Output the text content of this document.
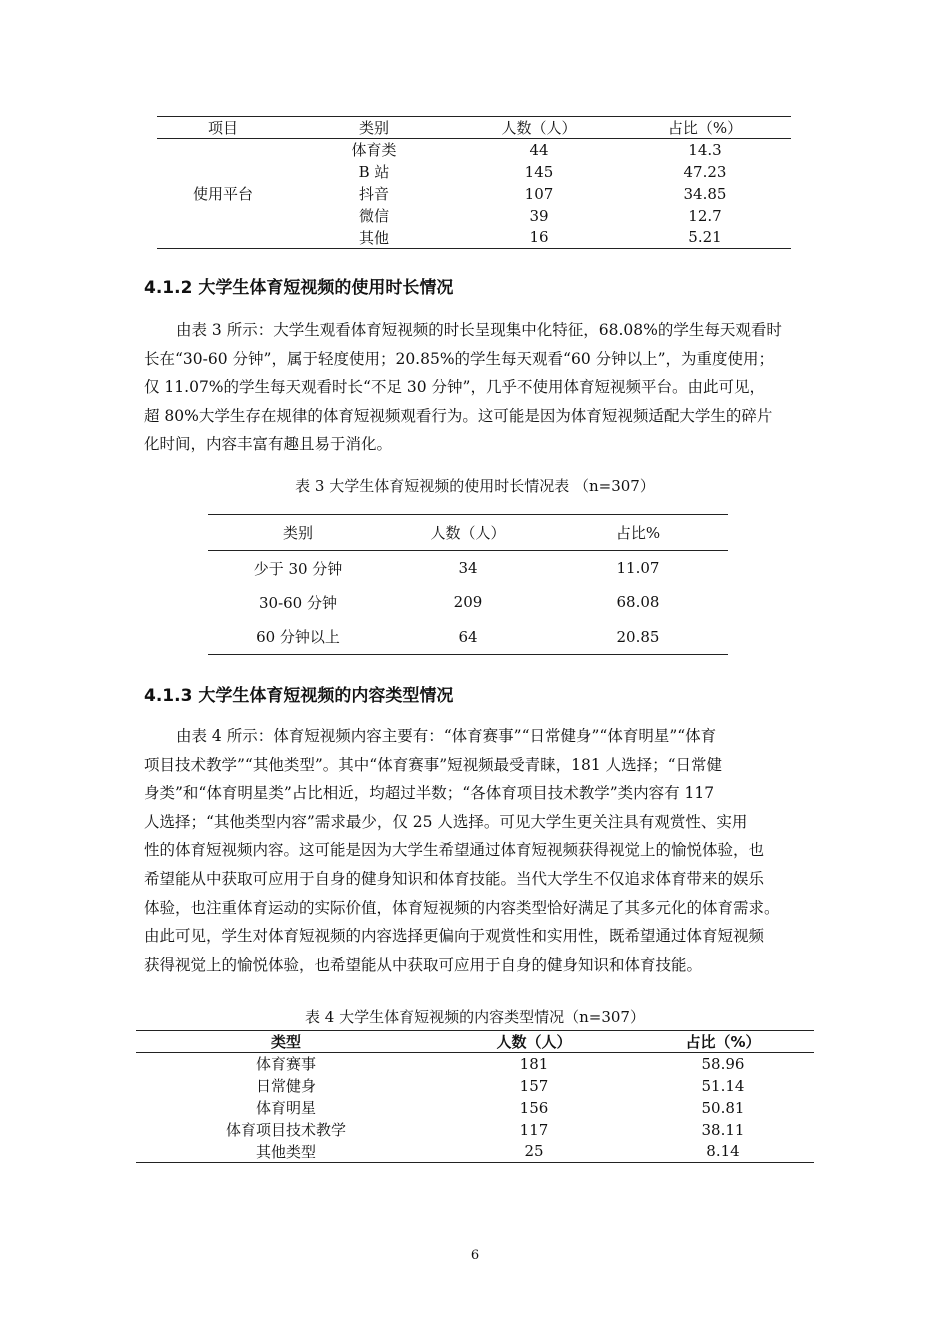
项目	类别	人数（人）	占比（%）
使用平台	体育类	44	14.3
	B 站	145	47.23
	抖音	107	34.85
	微信	39	12.7
	其他	16	5.21
4.1.2 大学生体育短视频的使用时长情况
由表 3 所示：大学生观看体育短视频的时长呈现集中化特征，68.08%的学生每天观看时
长在“30-60 分钟”，属于轻度使用；20.85%的学生每天观看“60 分钟以上”，为重度使用；
仅 11.07%的学生每天观看时长“不足 30 分钟”，几乎不使用体育短视频平台。由此可见，
超 80%大学生存在规律的体育短视频观看行为。这可能是因为体育短视频适配大学生的碎片
化时间，内容丰富有趣且易于消化。
表 3 大学生体育短视频的使用时长情况表 （n=307）
类别	人数（人）	占比%
少于 30 分钟	34	11.07
30-60 分钟	209	68.08
60 分钟以上	64	20.85
4.1.3 大学生体育短视频的内容类型情况
由表 4 所示：体育短视频内容主要有：“体育赛事”“日常健身”“体育明星”“体育
项目技术教学”“其他类型”。其中“体育赛事”短视频最受青睐，181 人选择；“日常健
身类”和“体育明星类”占比相近，均超过半数；“各体育项目技术教学”类内容有 117
人选择；“其他类型内容”需求最少，仅 25 人选择。可见大学生更关注具有观赏性、实用
性的体育短视频内容。这可能是因为大学生希望通过体育短视频获得视觉上的愉悦体验，也
希望能从中获取可应用于自身的健身知识和体育技能。当代大学生不仅追求体育带来的娱乐
体验，也注重体育运动的实际价值，体育短视频的内容类型恰好满足了其多元化的体育需求。
由此可见，学生对体育短视频的内容选择更偏向于观赏性和实用性，既希望通过体育短视频
获得视觉上的愉悦体验，也希望能从中获取可应用于自身的健身知识和体育技能。
表 4 大学生体育短视频的内容类型情况（n=307）
类型	人数（人）	占比（%）
体育赛事	181	58.96
日常健身	157	51.14
体育明星	156	50.81
体育项目技术教学	117	38.11
其他类型	25	8.14
6
